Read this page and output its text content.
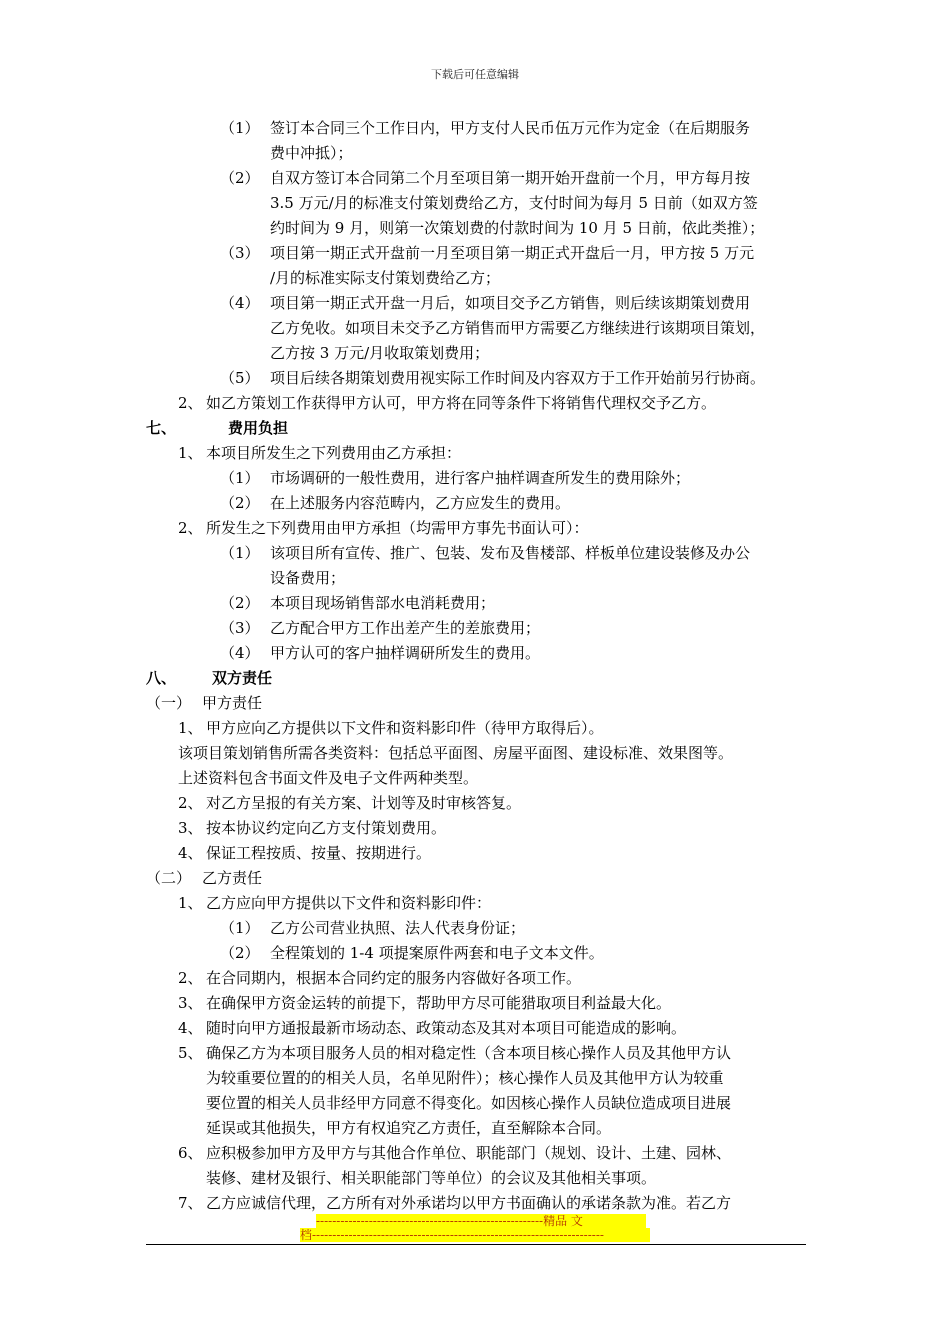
下载后可任意编辑
（1） 签订本合同三个工作日内，甲方支付人民币伍万元作为定金（在后期服务
费中冲抵）；
（2） 自双方签订本合同第二个月至项目第一期开始开盘前一个月，甲方每月按
3.5 万元/月的标准支付策划费给乙方，支付时间为每月 5 日前（如双方签
约时间为 9 月，则第一次策划费的付款时间为 10 月 5 日前，依此类推）；
（3） 项目第一期正式开盘前一月至项目第一期正式开盘后一月，甲方按 5 万元
/月的标准实际支付策划费给乙方；
（4） 项目第一期正式开盘一月后，如项目交予乙方销售，则后续该期策划费用
乙方免收。如项目未交予乙方销售而甲方需要乙方继续进行该期项目策划，
乙方按 3 万元/月收取策划费用；
（5） 项目后续各期策划费用视实际工作时间及内容双方于工作开始前另行协商。
2、 如乙方策划工作获得甲方认可，甲方将在同等条件下将销售代理权交予乙方。
七、	费用负担
1、 本项目所发生之下列费用由乙方承担：
（1） 市场调研的一般性费用，进行客户抽样调查所发生的费用除外；
（2） 在上述服务内容范畴内，乙方应发生的费用。
2、 所发生之下列费用由甲方承担（均需甲方事先书面认可）：
（1） 该项目所有宣传、推广、包装、发布及售楼部、样板单位建设装修及办公
设备费用；
（2） 本项目现场销售部水电消耗费用；
（3） 乙方配合甲方工作出差产生的差旅费用；
（4） 甲方认可的客户抽样调研所发生的费用。
八、 双方责任
（一） 甲方责任
1、 甲方应向乙方提供以下文件和资料影印件（待甲方取得后）。
该项目策划销售所需各类资料：包括总平面图、房屋平面图、建设标准、效果图等。
上述资料包含书面文件及电子文件两种类型。
2、 对乙方呈报的有关方案、计划等及时审核答复。
3、 按本协议约定向乙方支付策划费用。
4、 保证工程按质、按量、按期进行。
（二） 乙方责任
1、 乙方应向甲方提供以下文件和资料影印件：
（1） 乙方公司营业执照、法人代表身份证；
（2） 全程策划的 1-4 项提案原件两套和电子文本文件。
2、 在合同期内，根据本合同约定的服务内容做好各项工作。
3、 在确保甲方资金运转的前提下，帮助甲方尽可能猎取项目利益最大化。
4、 随时向甲方通报最新市场动态、政策动态及其对本项目可能造成的影响。
5、 确保乙方为本项目服务人员的相对稳定性（含本项目核心操作人员及其他甲方认
为较重要位置的的相关人员，名单见附件）；核心操作人员及其他甲方认为较重
要位置的相关人员非经甲方同意不得变化。如因核心操作人员缺位造成项目进展
延误或其他损失，甲方有权追究乙方责任，直至解除本合同。
6、 应积极参加甲方及甲方与其他合作单位、职能部门（规划、设计、土建、园林、
装修、建材及银行、相关职能部门等单位）的会议及其他相关事项。
7、 乙方应诚信代理，乙方所有对外承诺均以甲方书面确认的承诺条款为准。若乙方
--------------------------------------------------------精品 文
档------------------------------------------------------------------------
